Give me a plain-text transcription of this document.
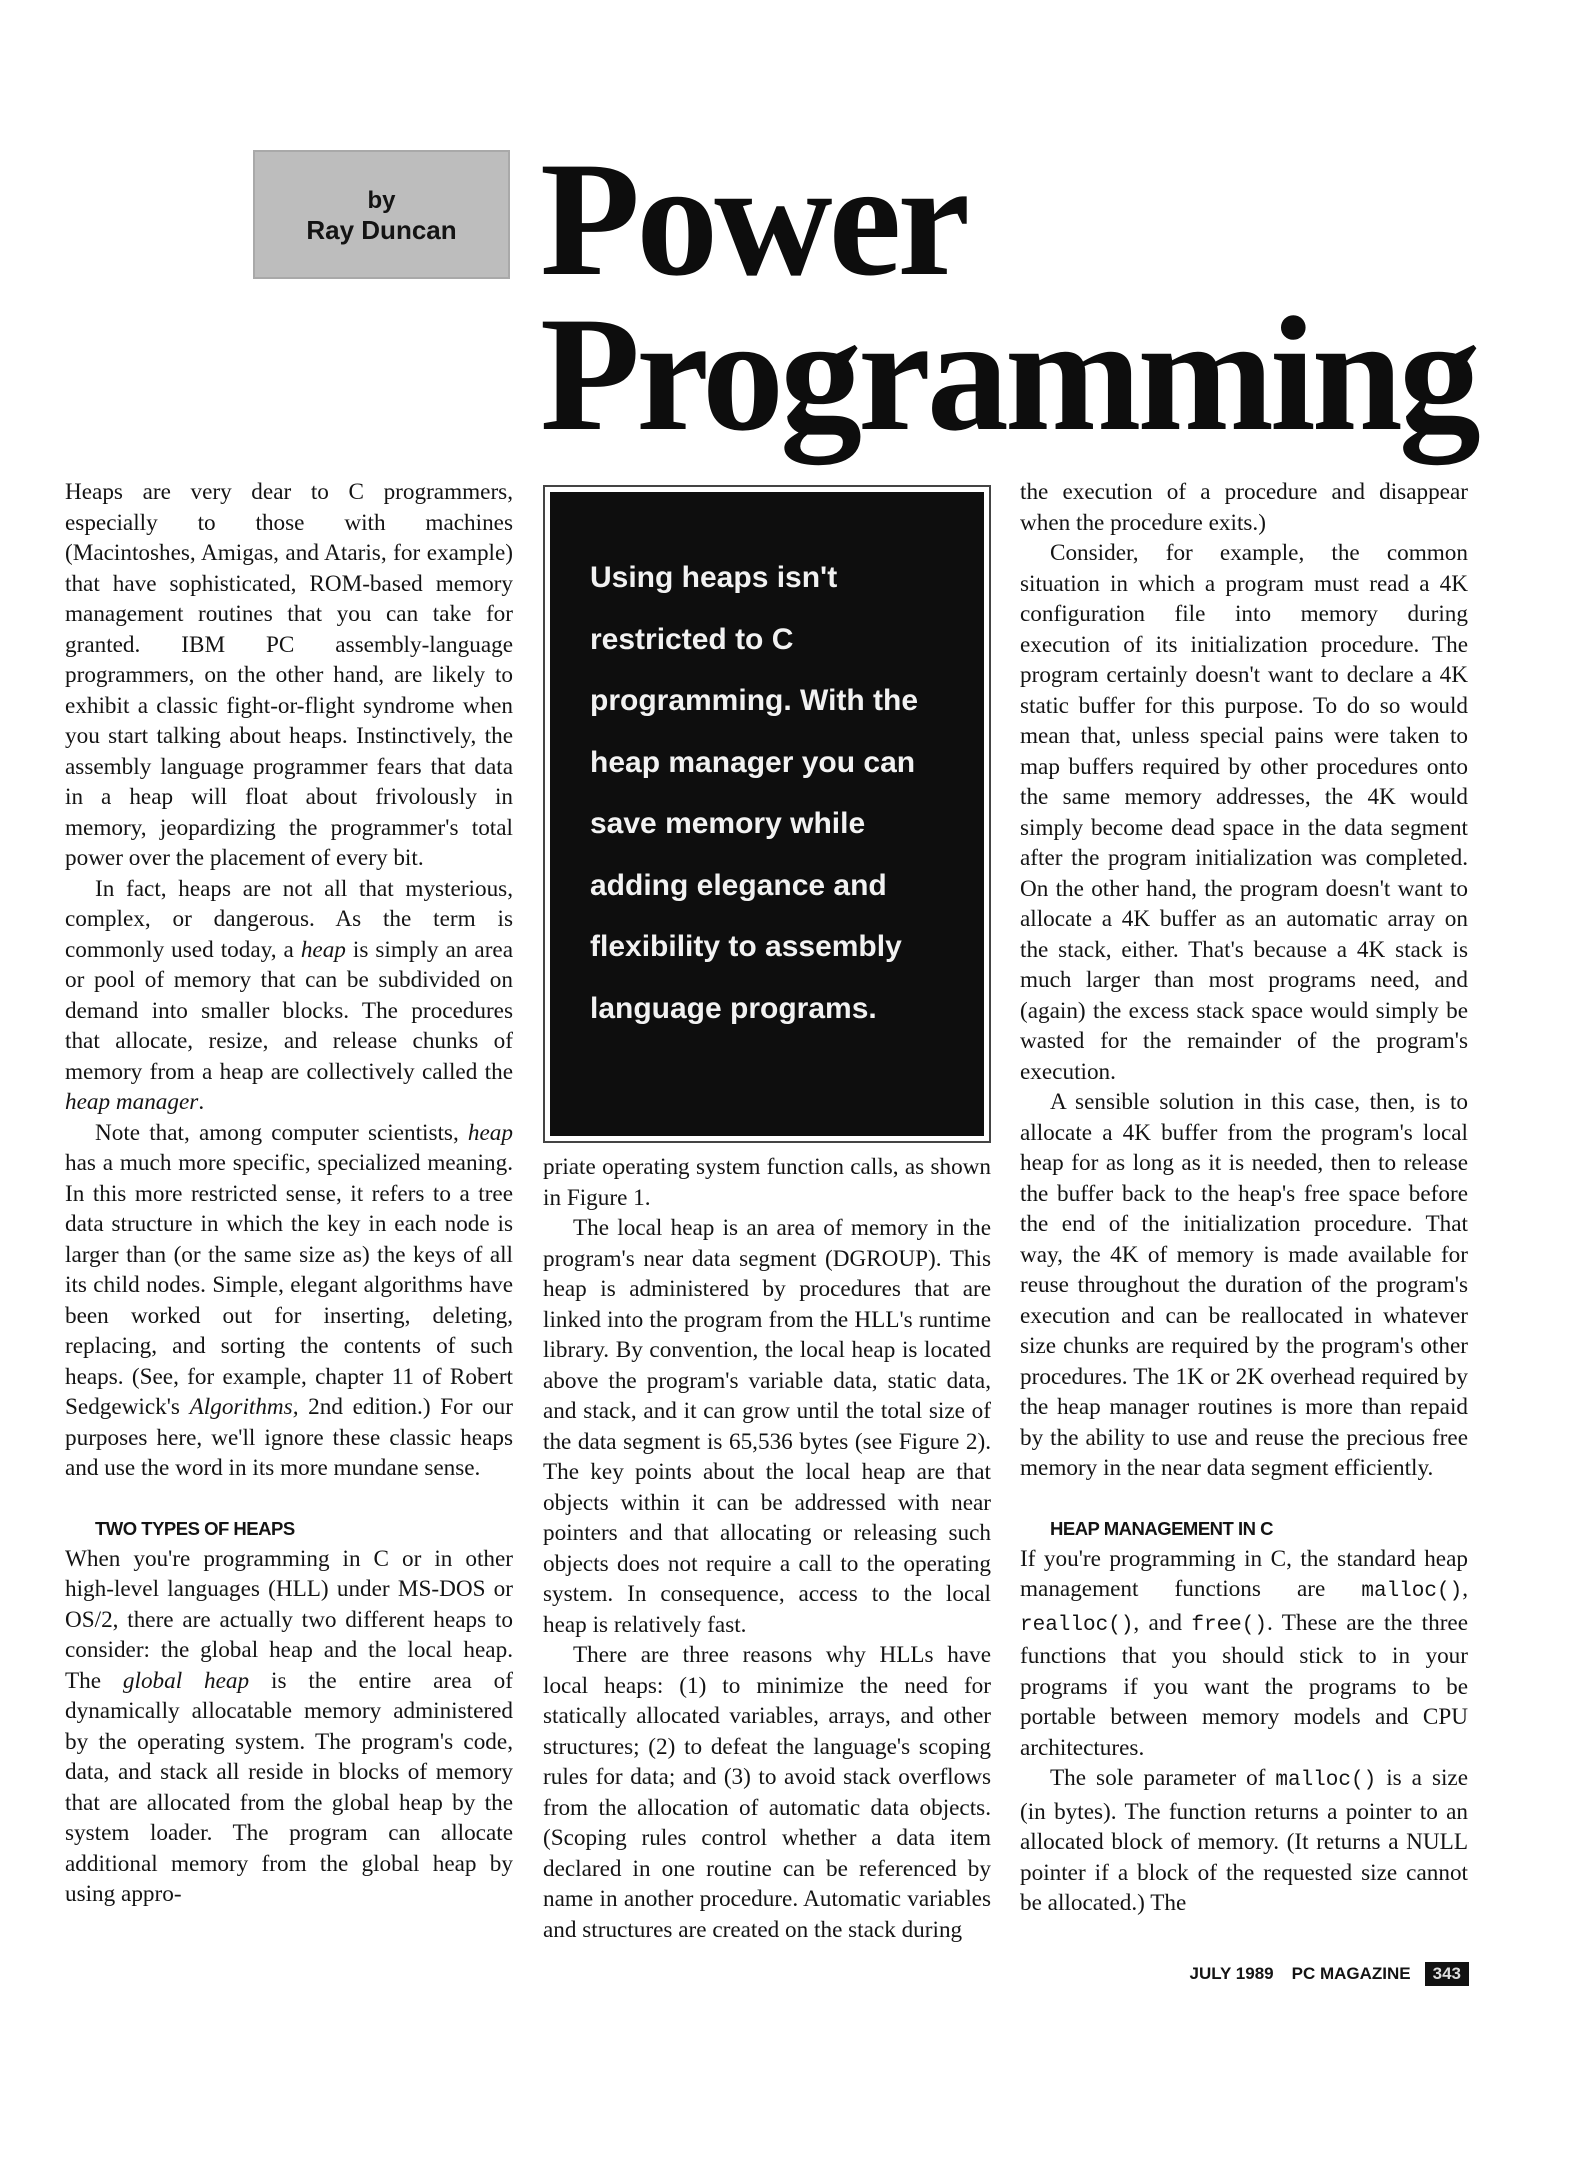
by
Ray Duncan Power
Programming

Heaps are very dear to C programmers, especially to those with machines (Macintoshes, Amigas, and Ataris, for example) that have sophisticated, ROM-based memory management routines that you can take for granted. IBM PC assembly-language programmers, on the other hand, are likely to exhibit a classic fight-or-flight syndrome when you start talking about heaps. Instinctively, the assembly language programmer fears that data in a heap will float about frivolously in memory, jeopardizing the programmer's total power over the placement of every bit.

In fact, heaps are not all that mysterious, complex, or dangerous. As the term is commonly used today, a heap is simply an area or pool of memory that can be subdivided on demand into smaller blocks. The procedures that allocate, resize, and release chunks of memory from a heap are collectively called the heap manager.

Note that, among computer scientists, heap has a much more specific, specialized meaning. In this more restricted sense, it refers to a tree data structure in which the key in each node is larger than (or the same size as) the keys of all its child nodes. Simple, elegant algorithms have been worked out for inserting, deleting, replacing, and sorting the contents of such heaps. (See, for example, chapter 11 of Robert Sedgewick's Algorithms, 2nd edition.) For our purposes here, we'll ignore these classic heaps and use the word in its more mundane sense.

TWO TYPES OF HEAPS

When you're programming in C or in other high-level languages (HLL) under MS-DOS or OS/2, there are actually two different heaps to consider: the global heap and the local heap. The global heap is the entire area of dynamically allocatable memory administered by the operating system. The program's code, data, and stack all reside in blocks of memory that are allocated from the global heap by the system loader. The program can allocate additional memory from the global heap by using appro-

Using heaps isn't restricted to C programming. With the heap manager you can save memory while adding elegance and flexibility to assembly language programs.

priate operating system function calls, as shown in Figure 1.

The local heap is an area of memory in the program's near data segment (DGROUP). This heap is administered by procedures that are linked into the program from the HLL's runtime library. By convention, the local heap is located above the program's variable data, static data, and stack, and it can grow until the total size of the data segment is 65,536 bytes (see Figure 2). The key points about the local heap are that objects within it can be addressed with near pointers and that allocating or releasing such objects does not require a call to the operating system. In consequence, access to the local heap is relatively fast.

There are three reasons why HLLs have local heaps: (1) to minimize the need for statically allocated variables, arrays, and other structures; (2) to defeat the language's scoping rules for data; and (3) to avoid stack overflows from the allocation of automatic data objects. (Scoping rules control whether a data item declared in one routine can be referenced by name in another procedure. Automatic variables and structures are created on the stack during

the execution of a procedure and disappear when the procedure exits.)

Consider, for example, the common situation in which a program must read a 4K configuration file into memory during execution of its initialization procedure. The program certainly doesn't want to declare a 4K static buffer for this purpose. To do so would mean that, unless special pains were taken to map buffers required by other procedures onto the same memory addresses, the 4K would simply become dead space in the data segment after the program initialization was completed. On the other hand, the program doesn't want to allocate a 4K buffer as an automatic array on the stack, either. That's because a 4K stack is much larger than most programs need, and (again) the excess stack space would simply be wasted for the remainder of the program's execution.

A sensible solution in this case, then, is to allocate a 4K buffer from the program's local heap for as long as it is needed, then to release the buffer back to the heap's free space before the end of the initialization procedure. That way, the 4K of memory is made available for reuse throughout the duration of the program's execution and can be reallocated in whatever size chunks are required by the program's other procedures. The 1K or 2K overhead required by the heap manager routines is more than repaid by the ability to use and reuse the precious free memory in the near data segment efficiently.

HEAP MANAGEMENT IN C

If you're programming in C, the standard heap management functions are malloc(), realloc(), and free(). These are the three functions that you should stick to in your programs if you want the programs to be portable between memory models and CPU architectures.

The sole parameter of malloc() is a size (in bytes). The function returns a pointer to an allocated block of memory. (It returns a NULL pointer if a block of the requested size cannot be allocated.) The

JULY 1989 PC MAGAZINE 343
